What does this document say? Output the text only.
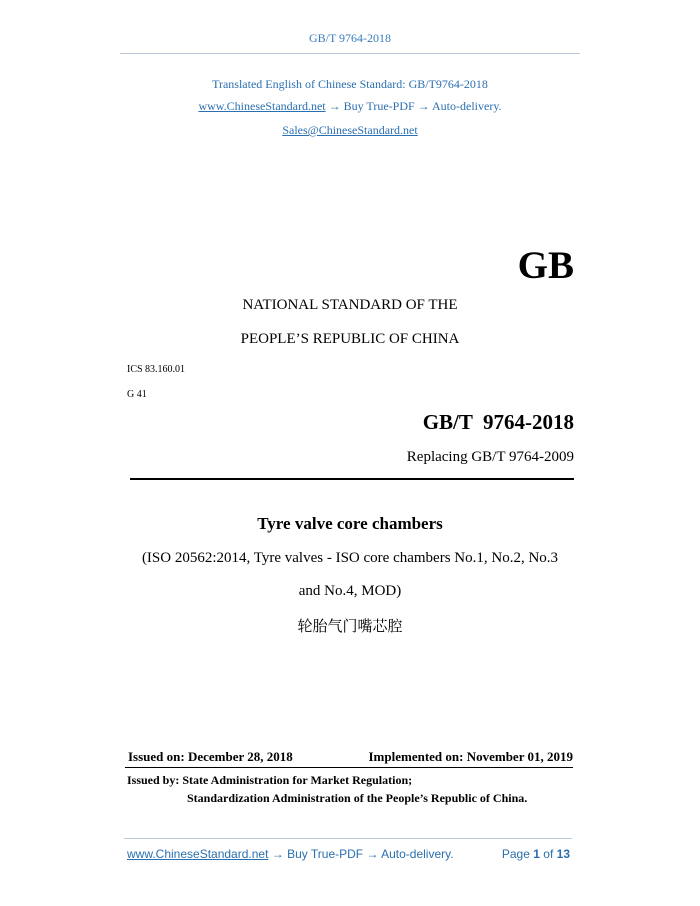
GB/T 9764-2018
Translated English of Chinese Standard: GB/T9764-2018
www.ChineseStandard.net → Buy True-PDF → Auto-delivery.
Sales@ChineseStandard.net
GB
NATIONAL STANDARD OF THE
PEOPLE’S REPUBLIC OF CHINA
ICS 83.160.01
G 41
GB/T  9764-2018
Replacing GB/T 9764-2009
Tyre valve core chambers
(ISO 20562:2014, Tyre valves - ISO core chambers No.1, No.2, No.3
and No.4, MOD)
轮胎气门嘴芯腔
Issued on: December 28, 2018	Implemented on: November 01, 2019
Issued by: State Administration for Market Regulation;
Standardization Administration of the People’s Republic of China.
www.ChineseStandard.net → Buy True-PDF → Auto-delivery.	Page 1 of 13
